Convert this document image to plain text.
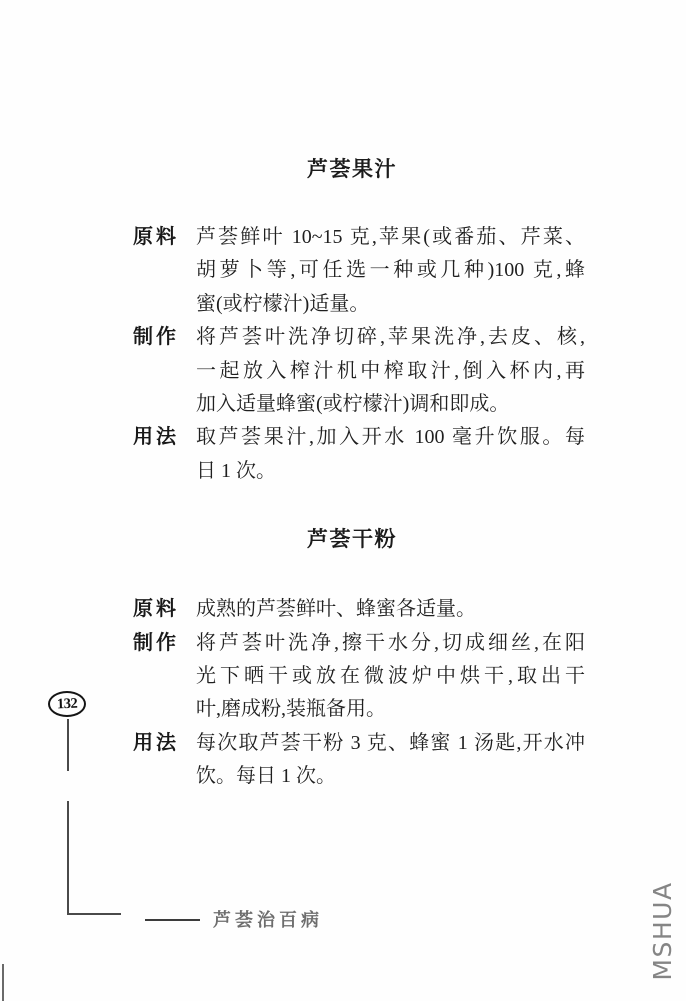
芦荟果汁
原料 芦荟鲜叶 10~15 克,苹果(或番茄、芹菜、
胡萝卜等,可任选一种或几种)100 克,蜂
蜜(或柠檬汁)适量。
制作 将芦荟叶洗净切碎,苹果洗净,去皮、核,
一起放入榨汁机中榨取汁,倒入杯内,再
加入适量蜂蜜(或柠檬汁)调和即成。
用法 取芦荟果汁,加入开水 100 毫升饮服。每
日 1 次。
芦荟干粉
原料 成熟的芦荟鲜叶、蜂蜜各适量。
制作 将芦荟叶洗净,擦干水分,切成细丝,在阳
光下晒干或放在微波炉中烘干,取出干
叶,磨成粉,装瓶备用。
用法 每次取芦荟干粉 3 克、蜂蜜 1 汤匙,开水冲
饮。每日 1 次。
132
芦荟治百病	MSHUA
